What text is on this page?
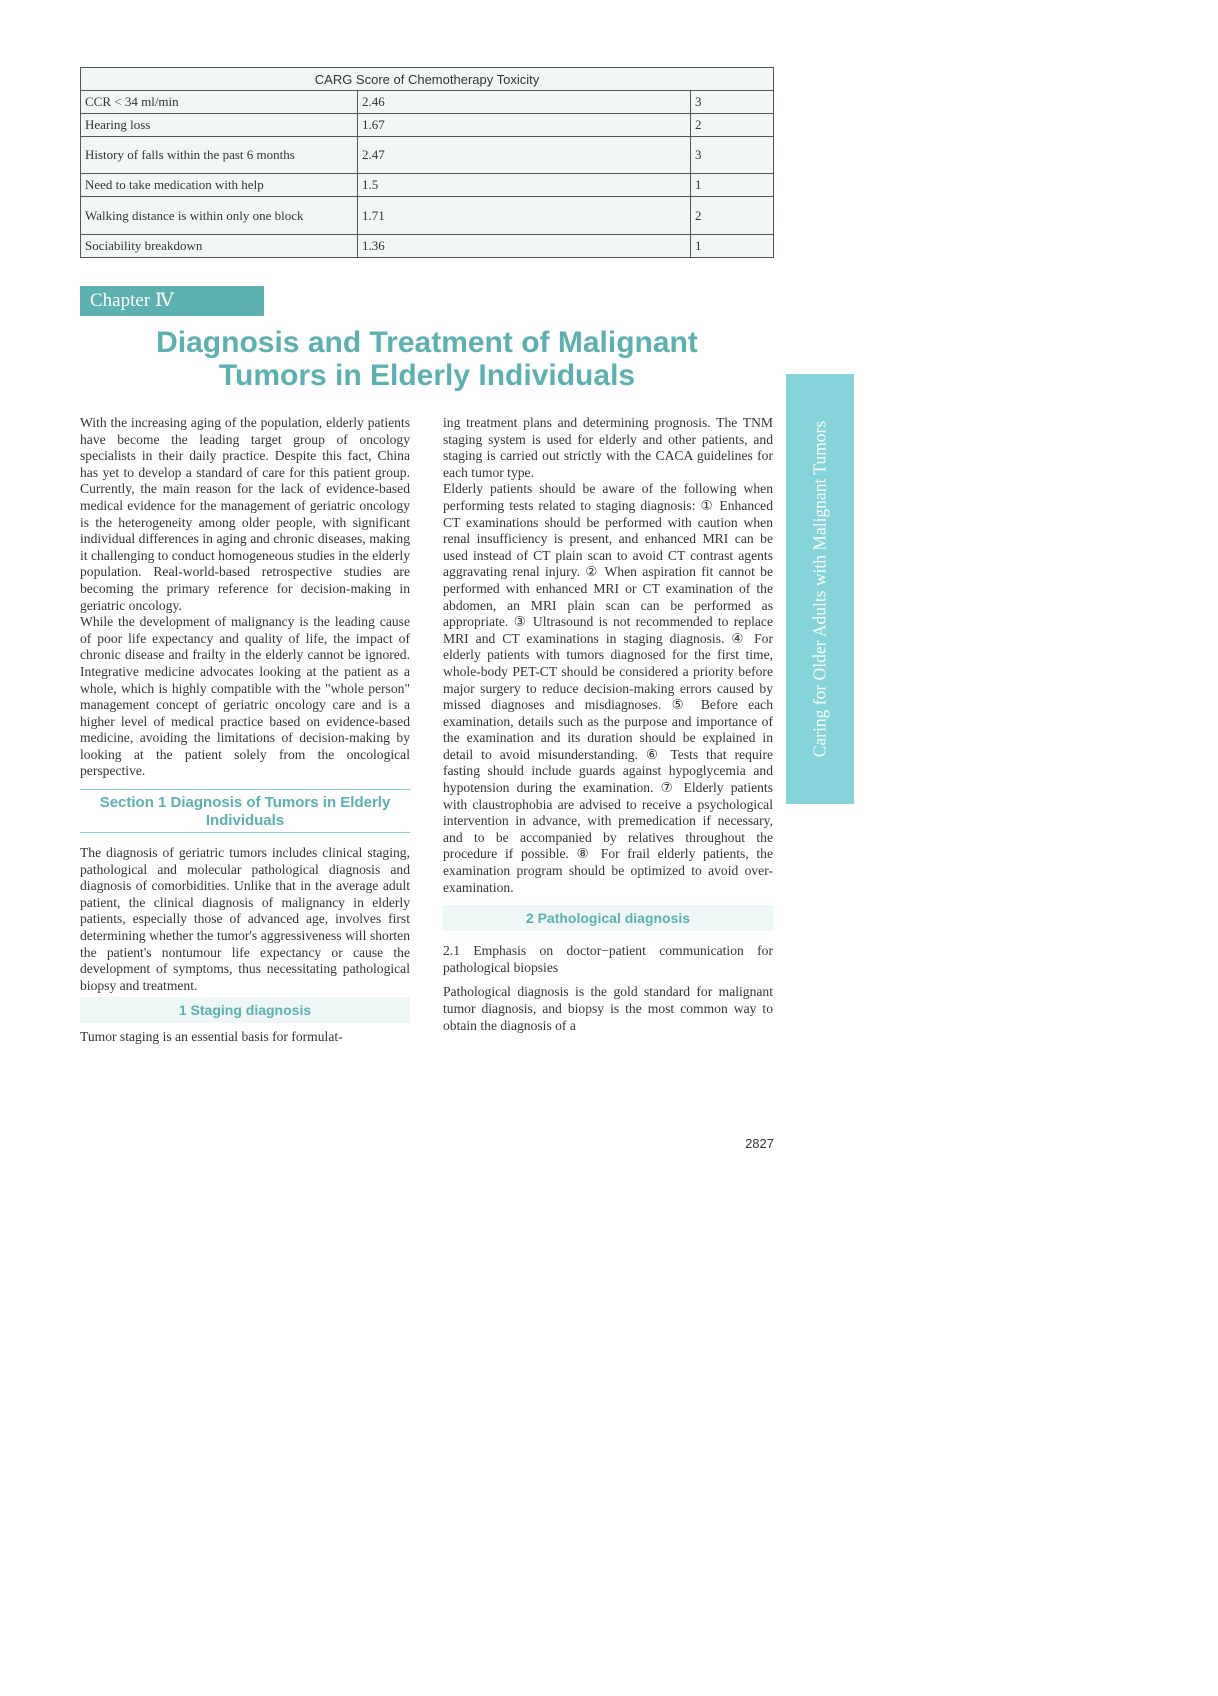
CARG Score of Chemotherapy Toxicity		
CCR < 34 ml/min	2.46	3
Hearing loss	1.67	2
History of falls within the past 6 months	2.47	3
Need to take medication with help	1.5	1
Walking distance is within only one block	1.71	2
Sociability breakdown	1.36	1
Chapter Ⅳ
Diagnosis and Treatment of Malignant
Tumors in Elderly Individuals
Caring for Older Adults with Malignant Tumors

With the increasing aging of the population, elderly patients have become the leading target group of oncology specialists in their daily practice. Despite this fact, China has yet to develop a standard of care for this patient group. Currently, the main reason for the lack of evidence-based medical evidence for the management of geriatric oncology is the heterogeneity among older people, with significant individual differences in aging and chronic diseases, making it challenging to conduct homogeneous studies in the elderly population. Real-world-based retrospective studies are becoming the primary reference for decision-making in geriatric oncology.

While the development of malignancy is the leading cause of poor life expectancy and quality of life, the impact of chronic disease and frailty in the elderly cannot be ignored. Integrative medicine advocates looking at the patient as a whole, which is highly compatible with the "whole person" management concept of geriatric oncology care and is a higher level of medical practice based on evidence-based medicine, avoiding the limitations of decision-making by looking at the patient solely from the oncological perspective.

Section 1 Diagnosis of Tumors in Elderly Individuals

The diagnosis of geriatric tumors includes clinical staging, pathological and molecular pathological diagnosis and diagnosis of comorbidities. Unlike that in the average adult patient, the clinical diagnosis of malignancy in elderly patients, especially those of advanced age, involves first determining whether the tumor's aggressiveness will shorten the patient's nontumour life expectancy or cause the development of symptoms, thus necessitating pathological biopsy and treatment.

1 Staging diagnosis

Tumor staging is an essential basis for formulat-

ing treatment plans and determining prognosis. The TNM staging system is used for elderly and other patients, and staging is carried out strictly with the CACA guidelines for each tumor type.

Elderly patients should be aware of the following when performing tests related to staging diagnosis: ① Enhanced CT examinations should be performed with caution when renal insufficiency is present, and enhanced MRI can be used instead of CT plain scan to avoid CT contrast agents aggravating renal injury. ② When aspiration fit cannot be performed with enhanced MRI or CT examination of the abdomen, an MRI plain scan can be performed as appropriate. ③ Ultrasound is not recommended to replace MRI and CT examinations in staging diagnosis. ④ For elderly patients with tumors diagnosed for the first time, whole-body PET-CT should be considered a priority before major surgery to reduce decision-making errors caused by missed diagnoses and misdiagnoses. ⑤ Before each examination, details such as the purpose and importance of the examination and its duration should be explained in detail to avoid misunderstanding. ⑥ Tests that require fasting should include guards against hypoglycemia and hypotension during the examination. ⑦ Elderly patients with claustrophobia are advised to receive a psychological intervention in advance, with premedication if necessary, and to be accompanied by relatives throughout the procedure if possible. ⑧ For frail elderly patients, the examination program should be optimized to avoid over-examination.

2 Pathological diagnosis

2.1 Emphasis on doctor−patient communication for pathological biopsies

Pathological diagnosis is the gold standard for malignant tumor diagnosis, and biopsy is the most common way to obtain the diagnosis of a

2827
